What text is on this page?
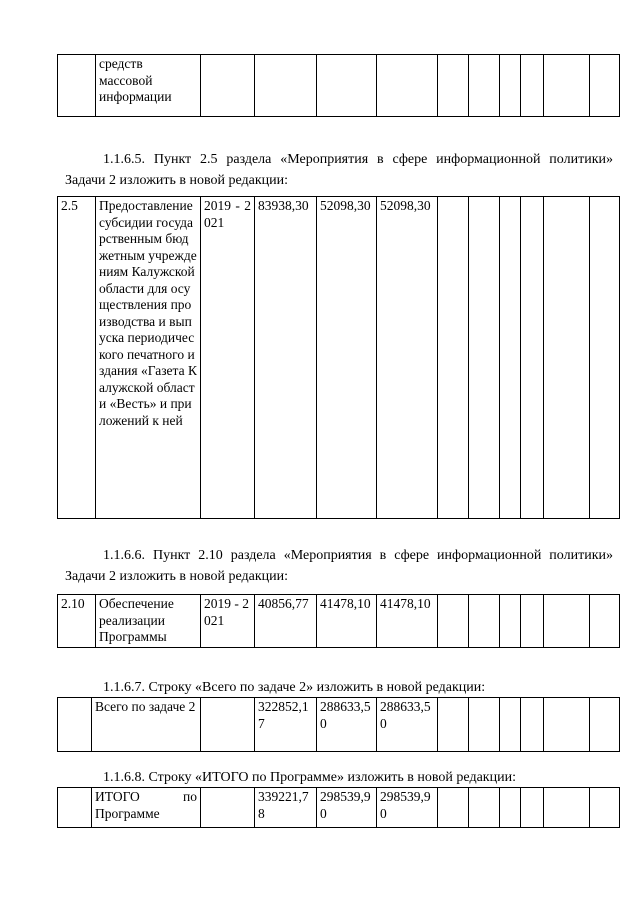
	средств
массовой
информации										
1.1.6.5. Пункт 2.5 раздела «Мероприятия в сфере информационной политики» Задачи 2 изложить в новой редакции:
2.5	Предоставление субсидии государственным бюджетным учреждениям Калужской области для осуществления производства и выпуска периодического печатного издания «Газета Калужской области «Весть» и приложений к ней	2019 - 2021	83938,30	52098,30	52098,30						
1.1.6.6. Пункт 2.10 раздела «Мероприятия в сфере информационной политики» Задачи 2 изложить в новой редакции:
2.10	Обеспечение реализации Программы	2019 - 2021	40856,77	41478,10	41478,10						
1.1.6.7. Строку «Всего по задаче 2» изложить в новой редакции:
	Всего по задаче 2		322852,17	288633,50	288633,50						
1.1.6.8. Строку «ИТОГО по Программе» изложить в новой редакции:
	ИТОГО по Программе		339221,78	298539,90	298539,90						
